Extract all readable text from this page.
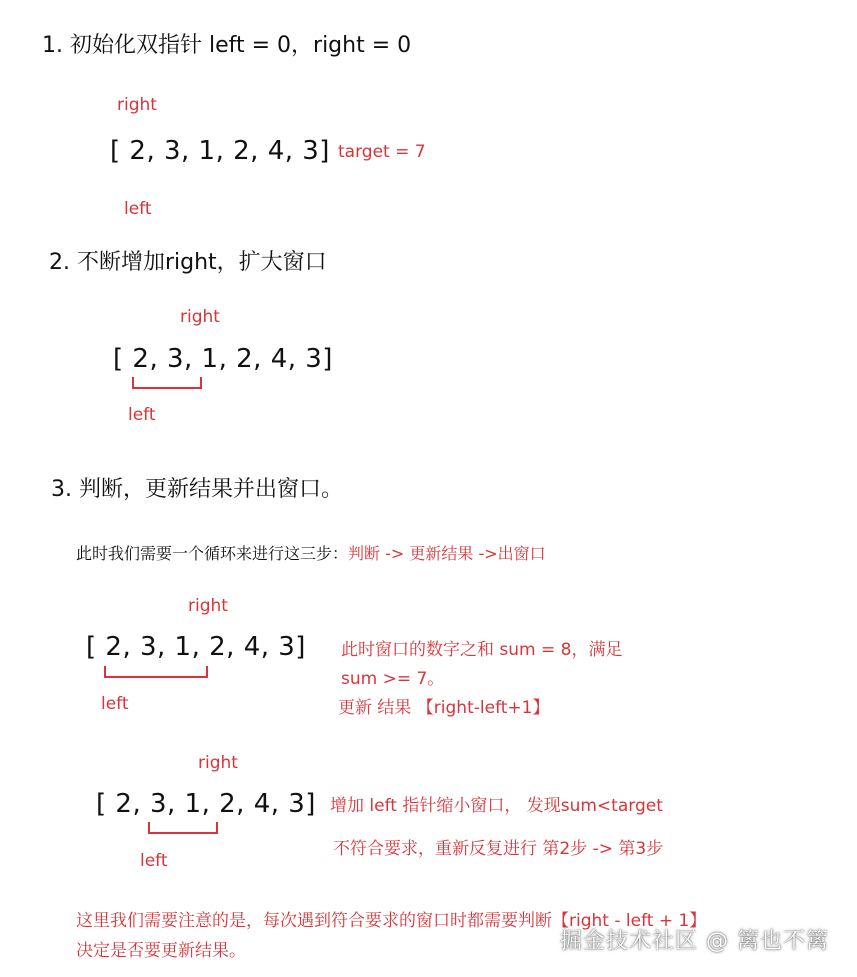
1. 初始化双指针 left = 0，right = 0
right
[ 2, 3, 1, 2, 4, 3] target = 7
left
2. 不断增加right，扩大窗口
right
[ 2, 3, 1, 2, 4, 3]
left
3. 判断，更新结果并出窗口。
此时我们需要一个循环来进行这三步：判断 -> 更新结果 ->出窗口
right
[ 2, 3, 1, 2, 4, 3]
left
此时窗口的数字之和 sum = 8，满足
sum >= 7。
更新 结果 【right-left+1】
right
[ 2, 3, 1, 2, 4, 3]
left
增加 left 指针缩小窗口， 发现sum<target
不符合要求，重新反复进行 第2步 -> 第3步
这里我们需要注意的是，每次遇到符合要求的窗口时都需要判断【right - left + 1】
决定是否要更新结果。	掘金技术社区 @ 篱也不篱
